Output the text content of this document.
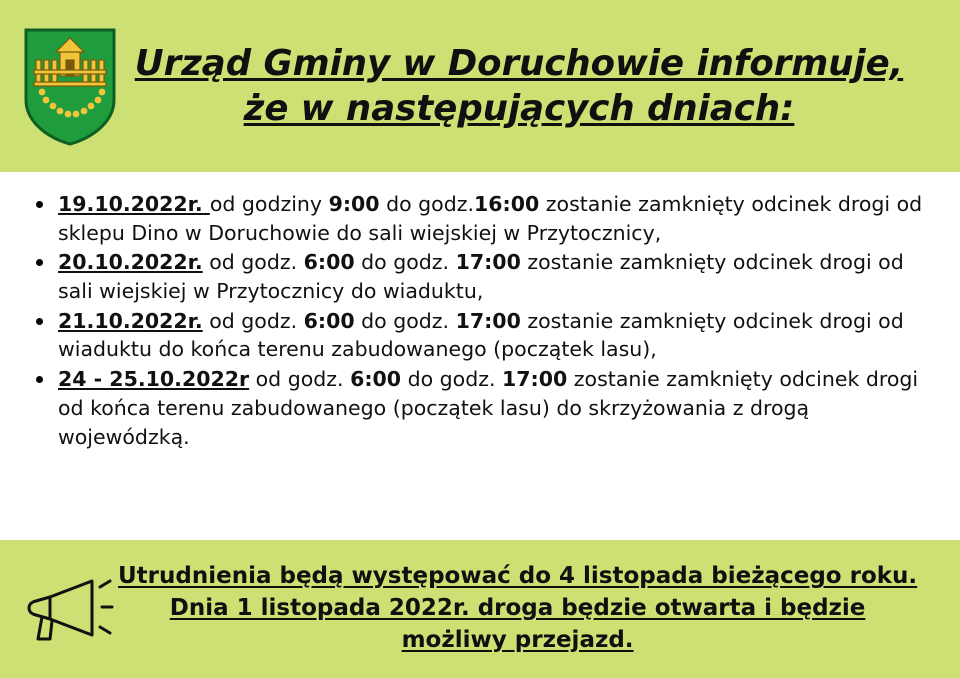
Urząd Gminy w Doruchowie informuje,
że w następujących dniach:
19.10.2022r. od godziny 9:00 do godz.16:00 zostanie zamknięty odcinek drogi od sklepu Dino w Doruchowie do sali wiejskiej w Przytocznicy,
20.10.2022r. od godz. 6:00 do godz. 17:00 zostanie zamknięty odcinek drogi od sali wiejskiej w Przytocznicy do wiaduktu,
21.10.2022r. od godz. 6:00 do godz. 17:00 zostanie zamknięty odcinek drogi od wiaduktu do końca terenu zabudowanego (początek lasu),
24 - 25.10.2022r od godz. 6:00 do godz. 17:00 zostanie zamknięty odcinek drogi od końca terenu zabudowanego (początek lasu) do skrzyżowania z drogą wojewódzką.
Utrudnienia będą występować do 4 listopada bieżącego roku.
Dnia 1 listopada 2022r. droga będzie otwarta i będzie
możliwy przejazd.
